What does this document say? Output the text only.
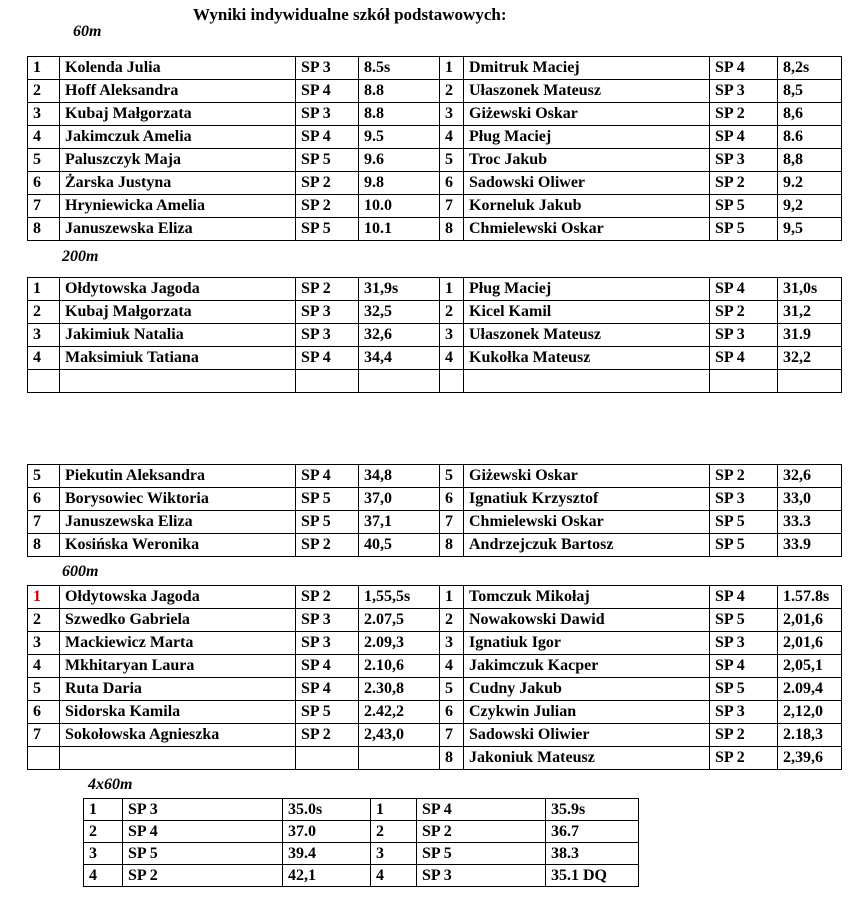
Wyniki indywidualne szkół podstawowych:
60m
1	Kolenda Julia	SP 3	8.5s	1	Dmitruk Maciej	SP 4	8,2s
2	Hoff Aleksandra	SP 4	8.8	2	Ułaszonek Mateusz	SP 3	8,5
3	Kubaj Małgorzata	SP 3	8.8	3	Giżewski Oskar	SP 2	8,6
4	Jakimczuk Amelia	SP 4	9.5	4	Pług Maciej	SP 4	8.6
5	Paluszczyk Maja	SP 5	9.6	5	Troc Jakub	SP 3	8,8
6	Żarska Justyna	SP 2	9.8	6	Sadowski Oliwer	SP 2	9.2
7	Hryniewicka Amelia	SP 2	10.0	7	Korneluk Jakub	SP 5	9,2
8	Januszewska Eliza	SP 5	10.1	8	Chmielewski Oskar	SP 5	9,5
200m
1	Ołdytowska Jagoda	SP 2	31,9s	1	Pług Maciej	SP 4	31,0s
2	Kubaj Małgorzata	SP 3	32,5	2	Kicel Kamil	SP 2	31,2
3	Jakimiuk Natalia	SP 3	32,6	3	Ułaszonek Mateusz	SP 3	31.9
4	Maksimiuk Tatiana	SP 4	34,4	4	Kukołka Mateusz	SP 4	32,2

5	Piekutin Aleksandra	SP 4	34,8	5	Giżewski Oskar	SP 2	32,6
6	Borysowiec Wiktoria	SP 5	37,0	6	Ignatiuk Krzysztof	SP 3	33,0
7	Januszewska Eliza	SP 5	37,1	7	Chmielewski Oskar	SP 5	33.3
8	Kosińska Weronika	SP 2	40,5	8	Andrzejczuk Bartosz	SP 5	33.9
600m
1	Ołdytowska Jagoda	SP 2	1,55,5s	1	Tomczuk Mikołaj	SP 4	1.57.8s
2	Szwedko Gabriela	SP 3	2.07,5	2	Nowakowski Dawid	SP 5	2,01,6
3	Mackiewicz Marta	SP 3	2.09,3	3	Ignatiuk Igor	SP 3	2,01,6
4	Mkhitaryan Laura	SP 4	2.10,6	4	Jakimczuk Kacper	SP 4	2,05,1
5	Ruta Daria	SP 4	2.30,8	5	Cudny Jakub	SP 5	2.09,4
6	Sidorska Kamila	SP 5	2.42,2	6	Czykwin Julian	SP 3	2,12,0
7	Sokołowska Agnieszka	SP 2	2,43,0	7	Sadowski Oliwier	SP 2	2.18,3
				8	Jakoniuk Mateusz	SP 2	2,39,6
4x60m
1	SP 3	35.0s	1	SP 4	35.9s
2	SP 4	37.0	2	SP 2	36.7
3	SP 5	39.4	3	SP 5	38.3
4	SP 2	42,1	4	SP 3	35.1 DQ
